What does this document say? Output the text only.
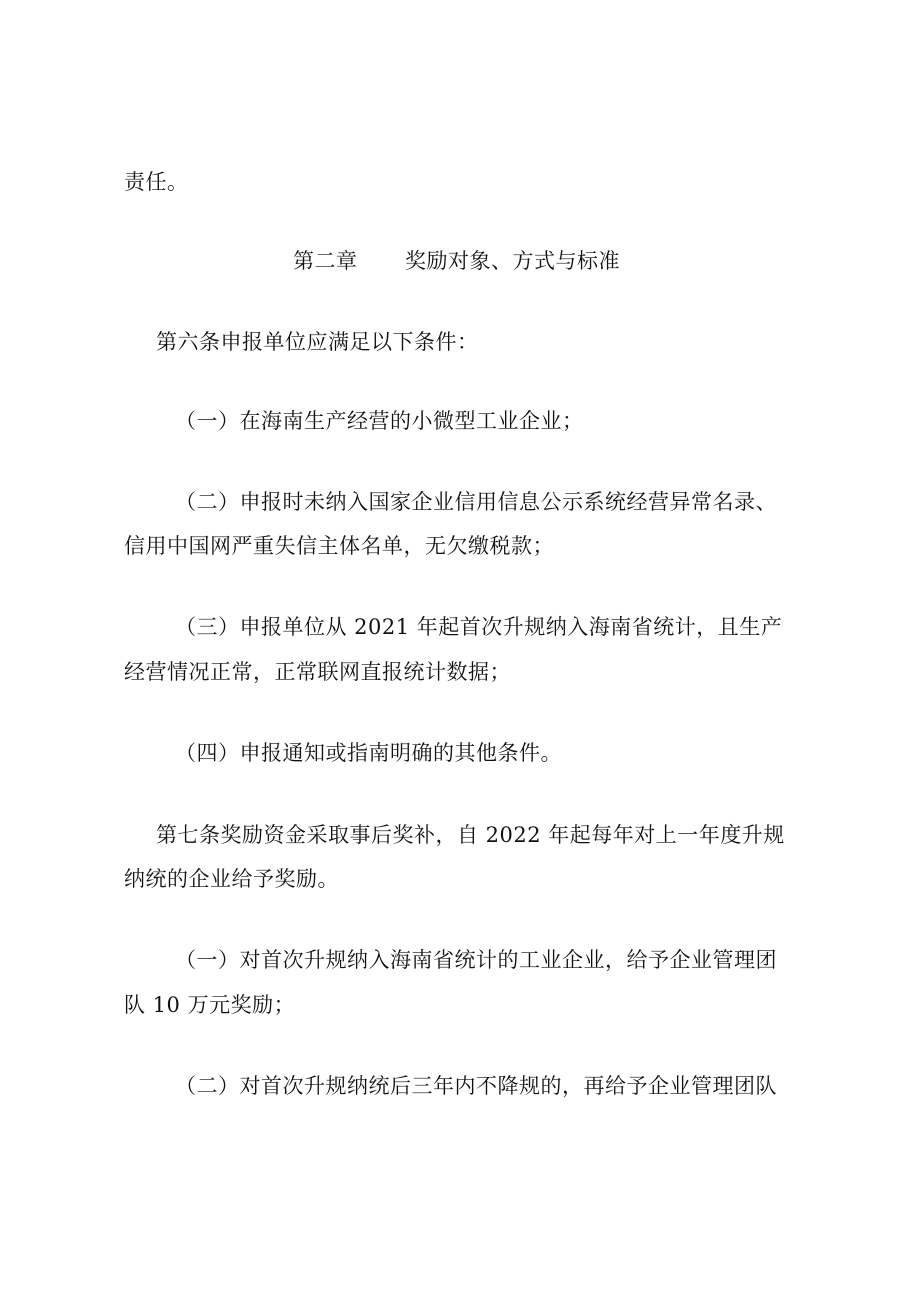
责任。

第二章 奖励对象、方式与标准

第六条申报单位应满足以下条件：

（一）在海南生产经营的小微型工业企业；

（二）申报时未纳入国家企业信用信息公示系统经营异常名录、

信用中国网严重失信主体名单，无欠缴税款；

（三）申报单位从 2021 年起首次升规纳入海南省统计，且生产

经营情况正常，正常联网直报统计数据；

（四）申报通知或指南明确的其他条件。

第七条奖励资金采取事后奖补，自 2022 年起每年对上一年度升规

纳统的企业给予奖励。

（一）对首次升规纳入海南省统计的工业企业，给予企业管理团

队 10 万元奖励；

（二）对首次升规纳统后三年内不降规的，再给予企业管理团队
